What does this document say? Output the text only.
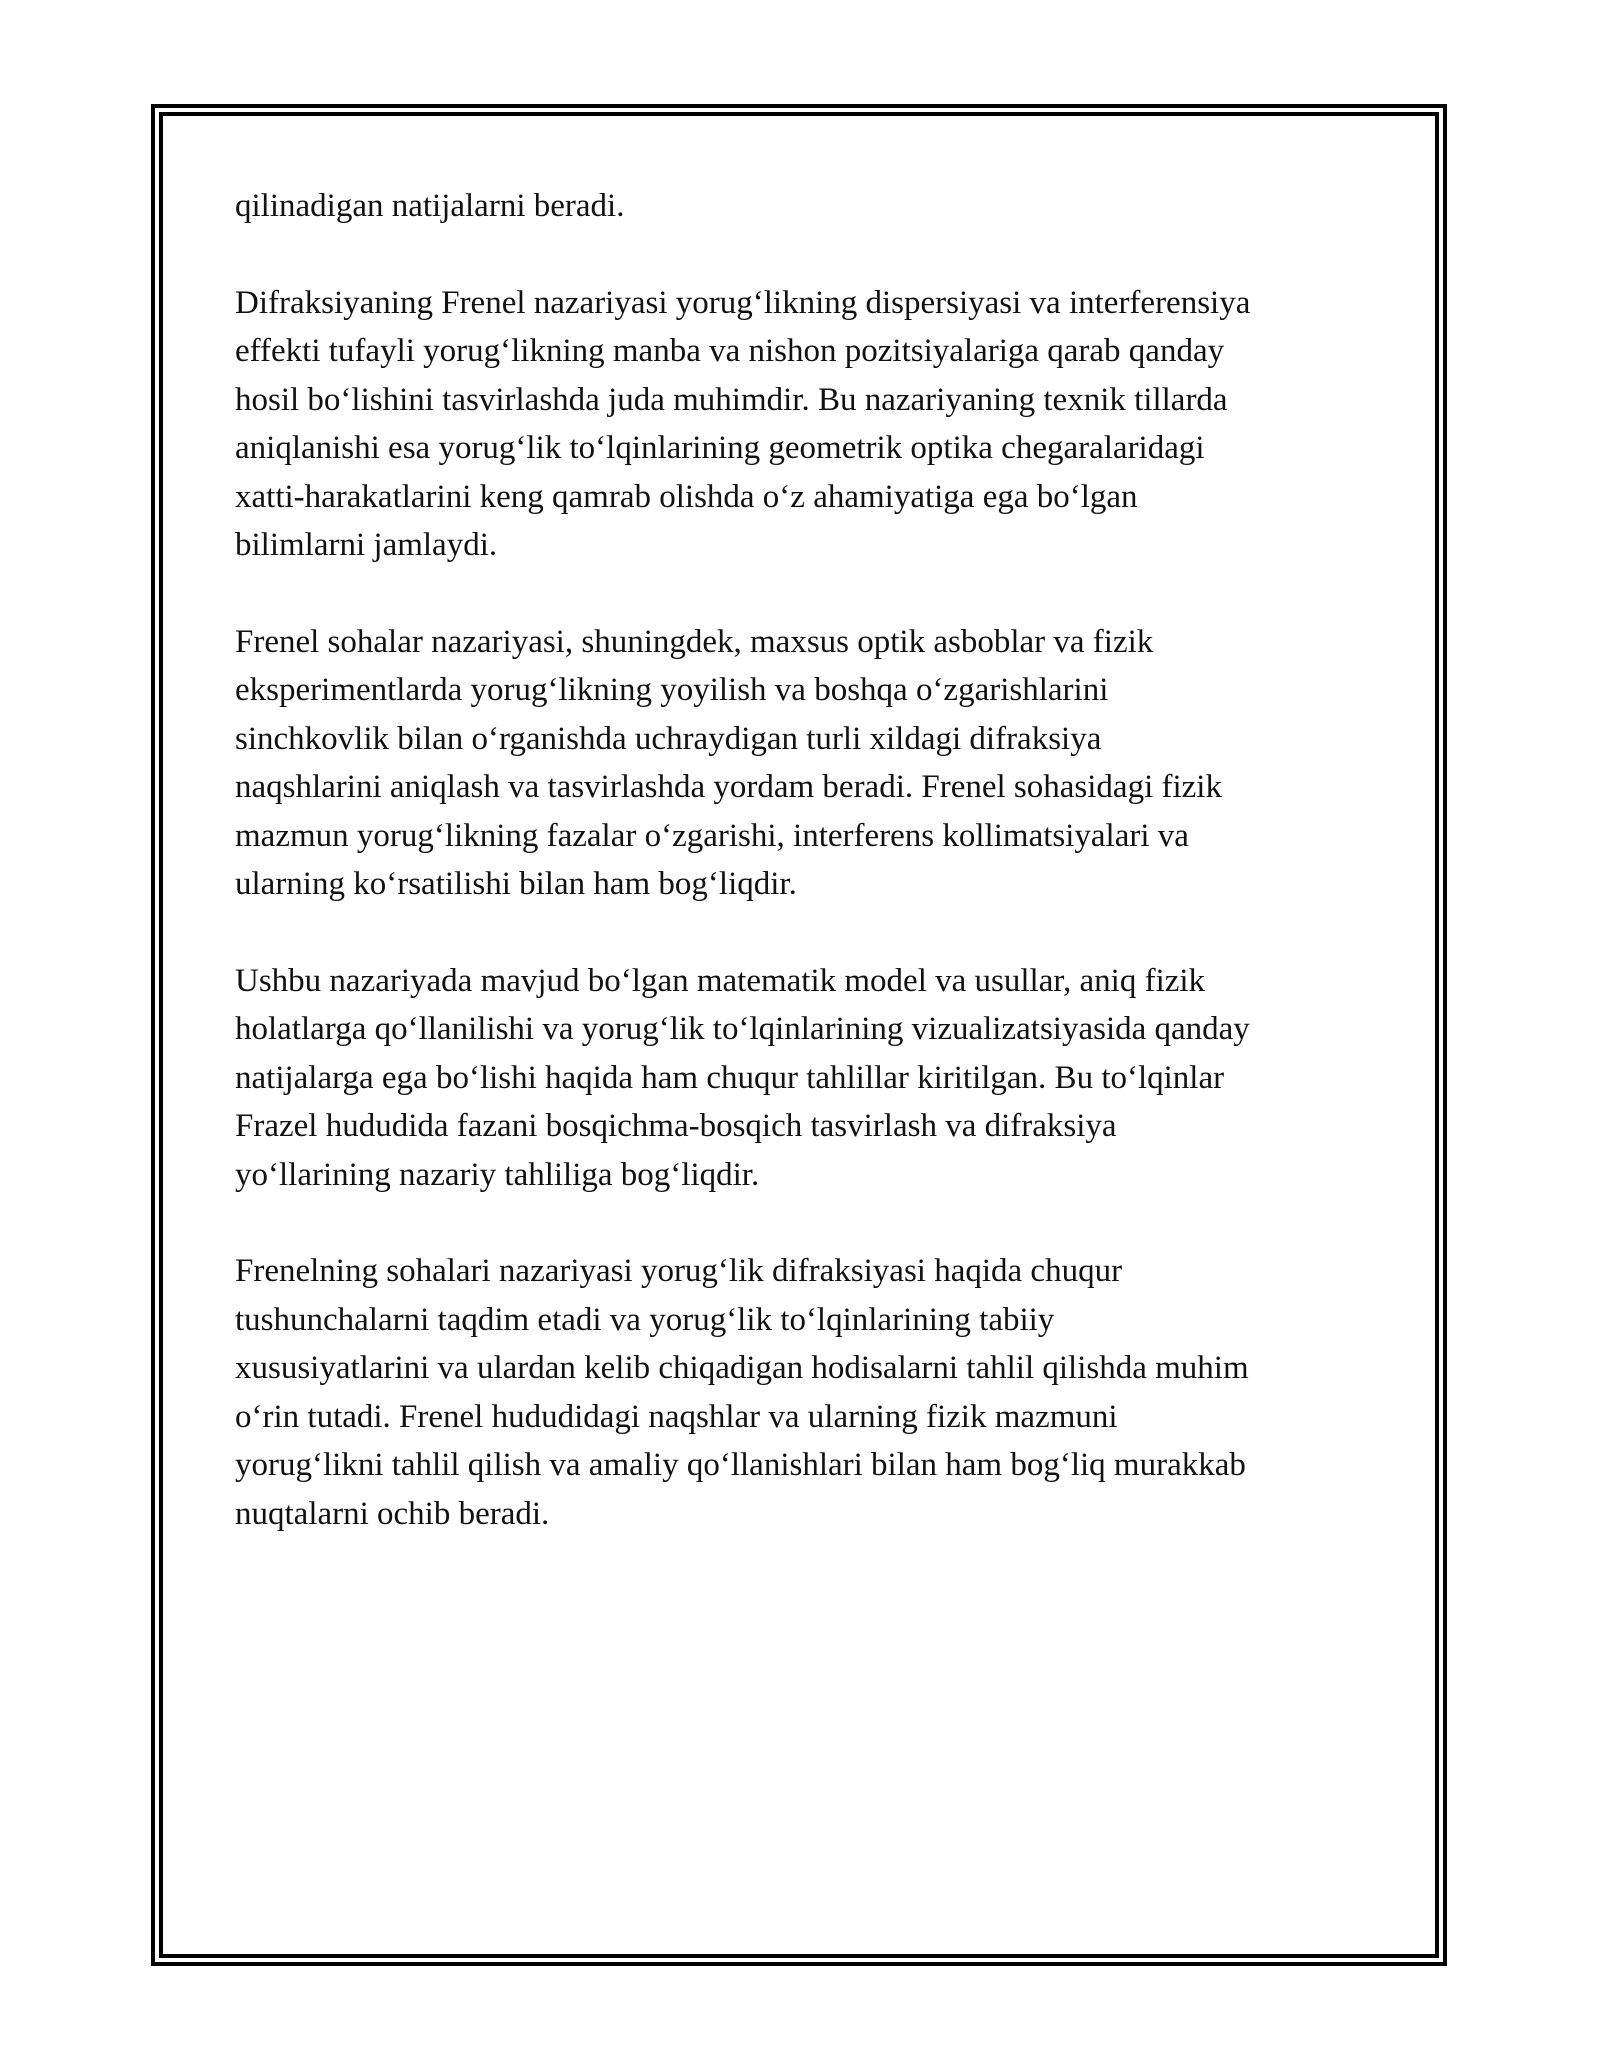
qilinadigan natijalarni beradi.

Difraksiyaning Frenel nazariyasi yorug‘likning dispersiyasi va interferensiya
effekti tufayli yorug‘likning manba va nishon pozitsiyalariga qarab qanday
hosil bo‘lishini tasvirlashda juda muhimdir. Bu nazariyaning texnik tillarda
aniqlanishi esa yorug‘lik to‘lqinlarining geometrik optika chegaralaridagi
xatti-harakatlarini keng qamrab olishda o‘z ahamiyatiga ega bo‘lgan
bilimlarni jamlaydi.

Frenel sohalar nazariyasi, shuningdek, maxsus optik asboblar va fizik
eksperimentlarda yorug‘likning yoyilish va boshqa o‘zgarishlarini
sinchkovlik bilan o‘rganishda uchraydigan turli xildagi difraksiya
naqshlarini aniqlash va tasvirlashda yordam beradi. Frenel sohasidagi fizik
mazmun yorug‘likning fazalar o‘zgarishi, interferens kollimatsiyalari va
ularning ko‘rsatilishi bilan ham bog‘liqdir.

Ushbu nazariyada mavjud bo‘lgan matematik model va usullar, aniq fizik
holatlarga qo‘llanilishi va yorug‘lik to‘lqinlarining vizualizatsiyasida qanday
natijalarga ega bo‘lishi haqida ham chuqur tahlillar kiritilgan. Bu to‘lqinlar
Frazel hududida fazani bosqichma-bosqich tasvirlash va difraksiya
yo‘llarining nazariy tahliliga bog‘liqdir.

Frenelning sohalari nazariyasi yorug‘lik difraksiyasi haqida chuqur
tushunchalarni taqdim etadi va yorug‘lik to‘lqinlarining tabiiy
xususiyatlarini va ulardan kelib chiqadigan hodisalarni tahlil qilishda muhim
o‘rin tutadi. Frenel hududidagi naqshlar va ularning fizik mazmuni
yorug‘likni tahlil qilish va amaliy qo‘llanishlari bilan ham bog‘liq murakkab
nuqtalarni ochib beradi.
